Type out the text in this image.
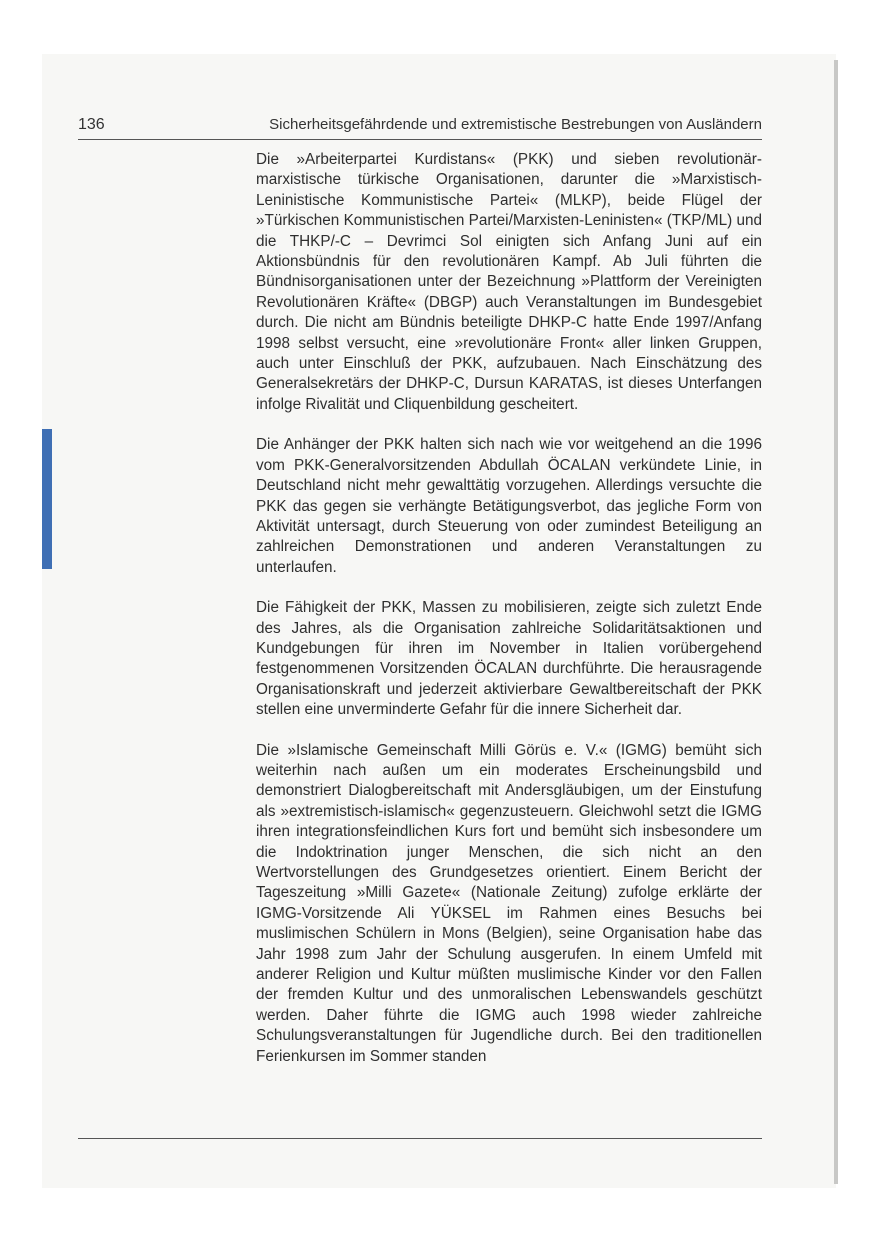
136	Sicherheitsgefährdende und extremistische Bestrebungen von Ausländern

Die »Arbeiterpartei Kurdistans« (PKK) und sieben revolutionär-marxistische türkische Organisationen, darunter die »Marxistisch-Leninistische Kommunistische Partei« (MLKP), beide Flügel der »Türkischen Kommunistischen Partei/Marxisten-Leninisten« (TKP/ML) und die THKP/-C – Devrimci Sol einigten sich Anfang Juni auf ein Aktionsbündnis für den revolutionären Kampf. Ab Juli führten die Bündnisorganisationen unter der Bezeichnung »Plattform der Vereinigten Revolutionären Kräfte« (DBGP) auch Veranstaltungen im Bundesgebiet durch. Die nicht am Bündnis beteiligte DHKP-C hatte Ende 1997/Anfang 1998 selbst versucht, eine »revolutionäre Front« aller linken Gruppen, auch unter Einschluß der PKK, aufzubauen. Nach Einschätzung des Generalsekretärs der DHKP-C, Dursun KARATAS, ist dieses Unterfangen infolge Rivalität und Cliquenbildung gescheitert.

Die Anhänger der PKK halten sich nach wie vor weitgehend an die 1996 vom PKK-Generalvorsitzenden Abdullah ÖCALAN verkündete Linie, in Deutschland nicht mehr gewalttätig vorzugehen. Allerdings versuchte die PKK das gegen sie verhängte Betätigungsverbot, das jegliche Form von Aktivität untersagt, durch Steuerung von oder zumindest Beteiligung an zahlreichen Demonstrationen und anderen Veranstaltungen zu unterlaufen.

Die Fähigkeit der PKK, Massen zu mobilisieren, zeigte sich zuletzt Ende des Jahres, als die Organisation zahlreiche Solidaritätsaktionen und Kundgebungen für ihren im November in Italien vorübergehend festgenommenen Vorsitzenden ÖCALAN durchführte. Die herausragende Organisationskraft und jederzeit aktivierbare Gewaltbereitschaft der PKK stellen eine unverminderte Gefahr für die innere Sicherheit dar.

Die »Islamische Gemeinschaft Milli Görüs e. V.« (IGMG) bemüht sich weiterhin nach außen um ein moderates Erscheinungsbild und demonstriert Dialogbereitschaft mit Andersgläubigen, um der Einstufung als »extremistisch-islamisch« gegenzusteuern. Gleichwohl setzt die IGMG ihren integrationsfeindlichen Kurs fort und bemüht sich insbesondere um die Indoktrination junger Menschen, die sich nicht an den Wertvorstellungen des Grundgesetzes orientiert. Einem Bericht der Tageszeitung »Milli Gazete« (Nationale Zeitung) zufolge erklärte der IGMG-Vorsitzende Ali YÜKSEL im Rahmen eines Besuchs bei muslimischen Schülern in Mons (Belgien), seine Organisation habe das Jahr 1998 zum Jahr der Schulung ausgerufen. In einem Umfeld mit anderer Religion und Kultur müßten muslimische Kinder vor den Fallen der fremden Kultur und des unmoralischen Lebenswandels geschützt werden. Daher führte die IGMG auch 1998 wieder zahlreiche Schulungsveranstaltungen für Jugendliche durch. Bei den traditionellen Ferienkursen im Sommer standen
